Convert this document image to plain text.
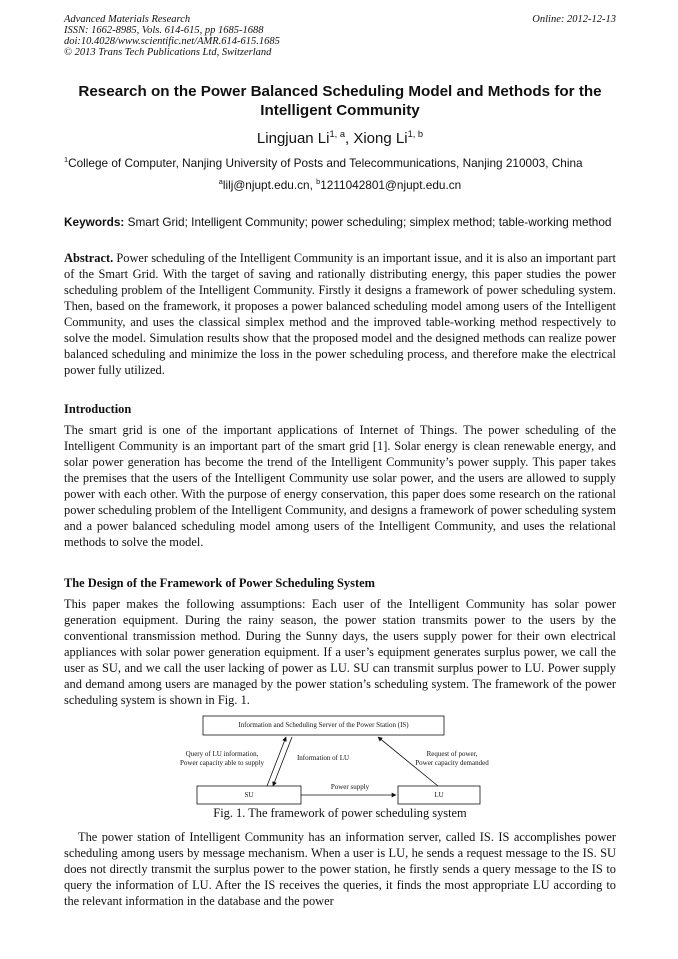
Advanced Materials Research
ISSN: 1662-8985, Vols. 614-615, pp 1685-1688
doi:10.4028/www.scientific.net/AMR.614-615.1685
© 2013 Trans Tech Publications Ltd, Switzerland
Online: 2012-12-13
Research on the Power Balanced Scheduling Model and Methods for the
Intelligent Community
Lingjuan Li$^{1, a}$, Xiong Li$^{1, b}$
$^1$College of Computer, Nanjing University of Posts and Telecommunications, Nanjing 210003, China
$^a$lilj@njupt.edu.cn, $^b$1211042801@njupt.edu.cn
Keywords: Smart Grid; Intelligent Community; power scheduling; simplex method; table-working method
Abstract. Power scheduling of the Intelligent Community is an important issue, and it is also an important part of the Smart Grid. With the target of saving and rationally distributing energy, this paper studies the power scheduling problem of the Intelligent Community. Firstly it designs a framework of power scheduling system. Then, based on the framework, it proposes a power balanced scheduling model among users of the Intelligent Community, and uses the classical simplex method and the improved table-working method respectively to solve the model. Simulation results show that the proposed model and the designed methods can realize power balanced scheduling and minimize the loss in the power scheduling process, and therefore make the electrical power fully utilized.
Introduction
The smart grid is one of the important applications of Internet of Things. The power scheduling of the Intelligent Community is an important part of the smart grid [1]. Solar energy is clean renewable energy, and solar power generation has become the trend of the Intelligent Community’s power supply. This paper takes the premises that the users of the Intelligent Community use solar power, and the users are allowed to supply power with each other. With the purpose of energy conservation, this paper does some research on the rational power scheduling problem of the Intelligent Community, and designs a framework of power scheduling system and a power balanced scheduling model among users of the Intelligent Community, and uses the relational methods to solve the model.
The Design of the Framework of Power Scheduling System
This paper makes the following assumptions: Each user of the Intelligent Community has solar power generation equipment. During the rainy season, the power station transmits power to the users by the conventional transmission method. During the Sunny days, the users supply power for their own electrical appliances with solar power generation equipment. If a user’s equipment generates surplus power, we call the user as SU, and we call the user lacking of power as LU. SU can transmit surplus power to LU. Power supply and demand among users are managed by the power station’s scheduling system. The framework of the power scheduling system is shown in Fig. 1.
Information and Scheduling Server of the Power Station (IS)
Query of LU information,
Power capacity able to supply
Information of LU	Request of power,
Power capacity demanded
Power supply
SU	LU
Fig. 1. The framework of power scheduling system
The power station of Intelligent Community has an information server, called IS. IS accomplishes power scheduling among users by message mechanism. When a user is LU, he sends a request message to the IS. SU does not directly transmit the surplus power to the power station, he firstly sends a query message to the IS to query the information of LU. After the IS receives the queries, it finds the most appropriate LU according to the relevant information in the database and the power
